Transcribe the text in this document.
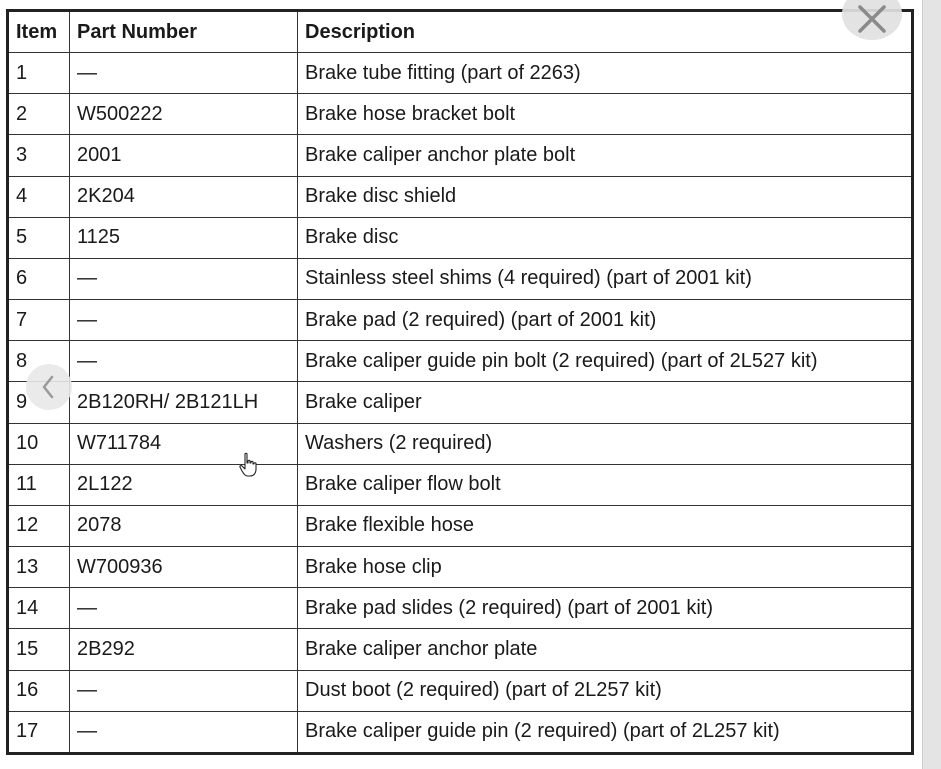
Item	Part Number	Description
1	—	Brake tube fitting (part of 2263)
2	W500222	Brake hose bracket bolt
3	2001	Brake caliper anchor plate bolt
4	2K204	Brake disc shield
5	1125	Brake disc
6	—	Stainless steel shims (4 required) (part of 2001 kit)
7	—	Brake pad (2 required) (part of 2001 kit)
8	—	Brake caliper guide pin bolt (2 required) (part of 2L527 kit)
9	2B120RH/ 2B121LH	Brake caliper
10	W711784	Washers (2 required)
11	2L122	Brake caliper flow bolt
12	2078	Brake flexible hose
13	W700936	Brake hose clip
14	—	Brake pad slides (2 required) (part of 2001 kit)
15	2B292	Brake caliper anchor plate
16	—	Dust boot (2 required) (part of 2L257 kit)
17	—	Brake caliper guide pin (2 required) (part of 2L257 kit)
